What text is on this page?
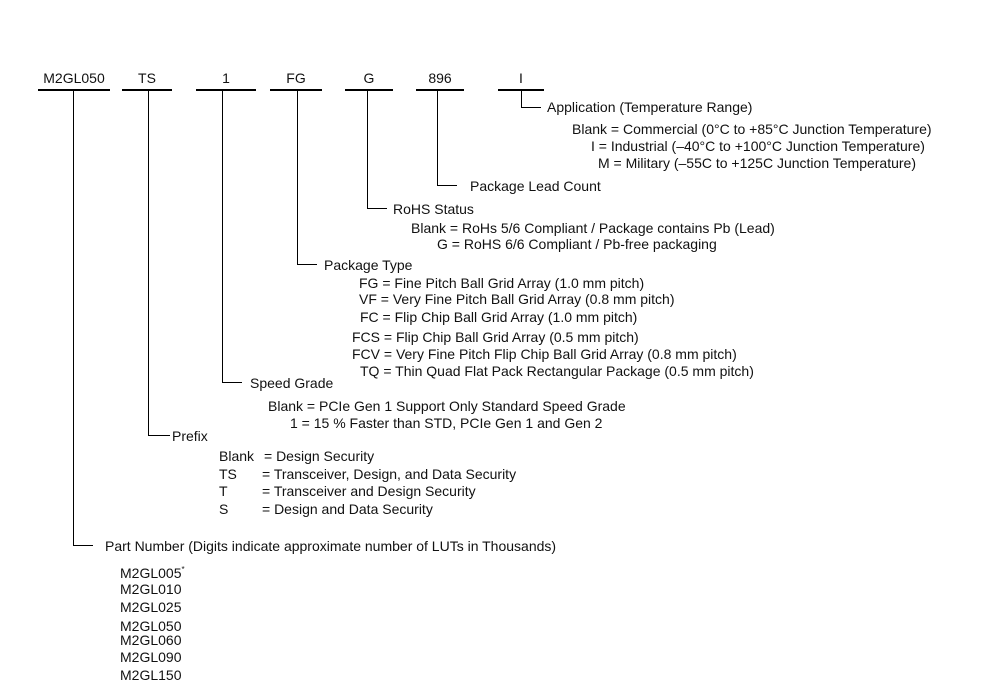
M2GL050	TS	1	FG	G	896	I
Application (Temperature Range)
Blank = Commercial (0°C to +85°C Junction Temperature)
I = Industrial (–40°C to +100°C Junction Temperature)
M = Military (–55C to +125C Junction Temperature)
Package Lead Count
RoHS Status
Blank = RoHs 5/6 Compliant / Package contains Pb (Lead)
G = RoHS 6/6 Compliant / Pb-free packaging
Package Type
FG = Fine Pitch Ball Grid Array (1.0 mm pitch)
VF = Very Fine Pitch Ball Grid Array (0.8 mm pitch)
FC = Flip Chip Ball Grid Array (1.0 mm pitch)
FCS = Flip Chip Ball Grid Array (0.5 mm pitch)
FCV = Very Fine Pitch Flip Chip Ball Grid Array (0.8 mm pitch)
TQ = Thin Quad Flat Pack Rectangular Package (0.5 mm pitch)
Speed Grade
Blank = PCIe Gen 1 Support Only Standard Speed Grade
1 = 15 % Faster than STD, PCIe Gen 1 and Gen 2
Prefix
Blank = Design Security
TS = Transceiver, Design, and Data Security
T = Transceiver and Design Security
S = Design and Data Security
Part Number (Digits indicate approximate number of LUTs in Thousands)
M2GL005*
M2GL010
M2GL025
M2GL050
M2GL060
M2GL090
M2GL150
